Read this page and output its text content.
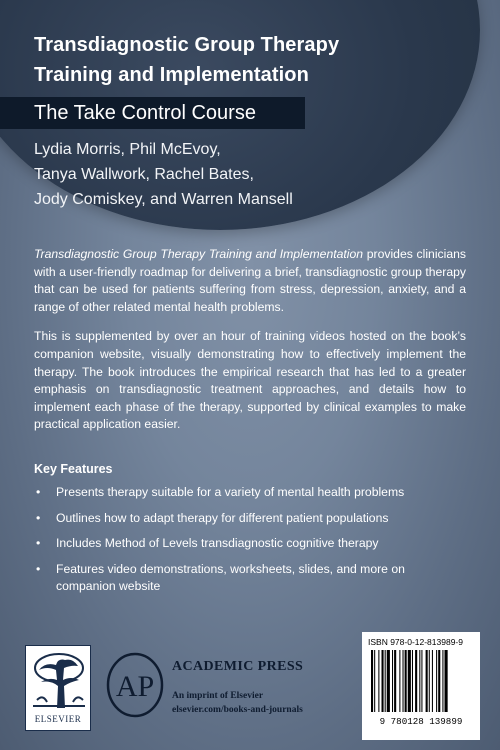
Transdiagnostic Group Therapy
Training and Implementation
The Take Control Course
Lydia Morris, Phil McEvoy,
Tanya Wallwork, Rachel Bates,
Jody Comiskey, and Warren Mansell

Transdiagnostic Group Therapy Training and Implementation provides clinicians with a user-friendly roadmap for delivering a brief, transdiagnostic group therapy that can be used for patients suffering from stress, depression, anxiety, and a range of other related mental health problems.

This is supplemented by over an hour of training videos hosted on the book’s companion website, visually demonstrating how to effectively implement the therapy. The book introduces the empirical research that has led to a greater emphasis on transdiagnostic treatment approaches, and details how to implement each phase of the therapy, supported by clinical examples to make practical application easier.

Key Features
• Presents therapy suitable for a variety of mental health problems
• Outlines how to adapt therapy for different patient populations
• Includes Method of Levels transdiagnostic cognitive therapy
• Features video demonstrations, worksheets, slides, and more on companion website
ELSEVIER
AP
ACADEMIC PRESS
An imprint of Elsevier
elsevier.com/books-and-journals
ISBN 978-0-12-813989-9
9 780128 139899
